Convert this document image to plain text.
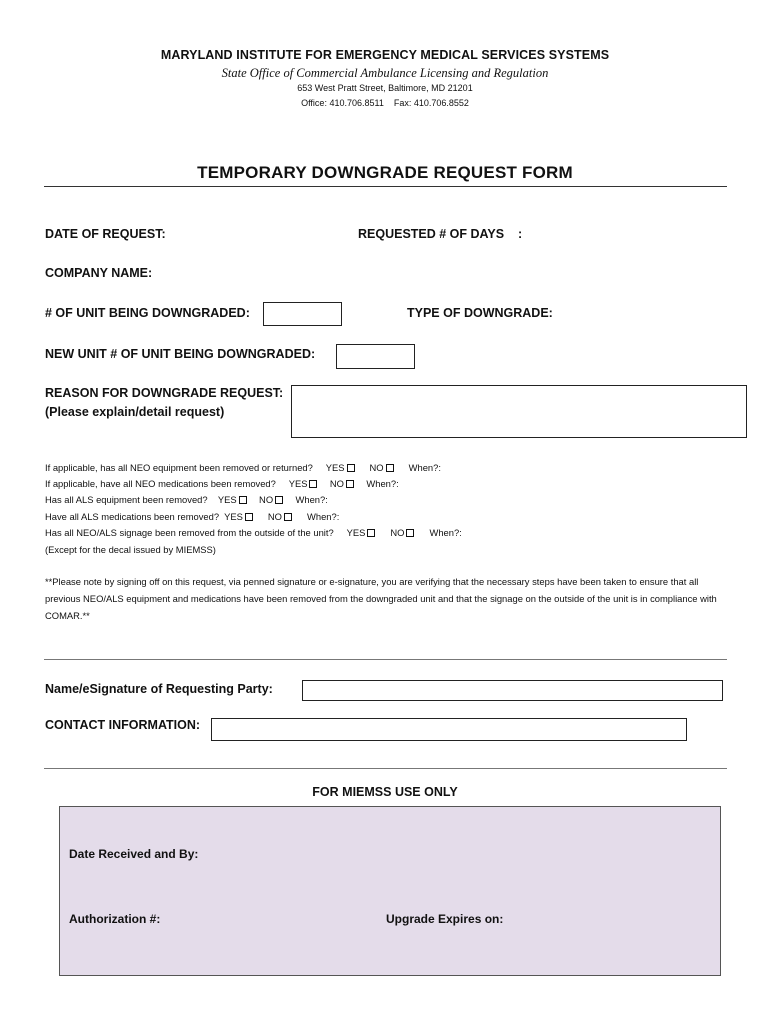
MARYLAND INSTITUTE FOR EMERGENCY MEDICAL SERVICES SYSTEMS
State Office of Commercial Ambulance Licensing and Regulation
653 West Pratt Street, Baltimore, MD 21201
Office: 410.706.8511    Fax: 410.706.8552
TEMPORARY DOWNGRADE REQUEST FORM
DATE OF REQUEST:	REQUESTED # OF DAYS    :
COMPANY NAME:
# OF UNIT BEING DOWNGRADED:	TYPE OF DOWNGRADE:
NEW UNIT # OF UNIT BEING DOWNGRADED:
REASON FOR DOWNGRADE REQUEST:
(Please explain/detail request)
If applicable, has all NEO equipment been removed or returned? YES	NO	When?:
If applicable, have all NEO medications been removed? YES NO When?:
Has all ALS equipment been removed? YES NO When?:
Have all ALS medications been removed? YES	NO	When?:
Has all NEO/ALS signage been removed from the outside of the unit? YES	NO	When?:
(Except for the decal issued by MIEMSS)
**Please note by signing off on this request, via penned signature or e-signature, you are verifying that the necessary steps have been taken to ensure that all previous NEO/ALS equipment and medications have been removed from the downgraded unit and that the signage on the outside of the unit is in compliance with COMAR.**
Name/eSignature of Requesting Party:
CONTACT INFORMATION:
FOR MIEMSS USE ONLY
Date Received and By:
Authorization #:	Upgrade Expires on:
